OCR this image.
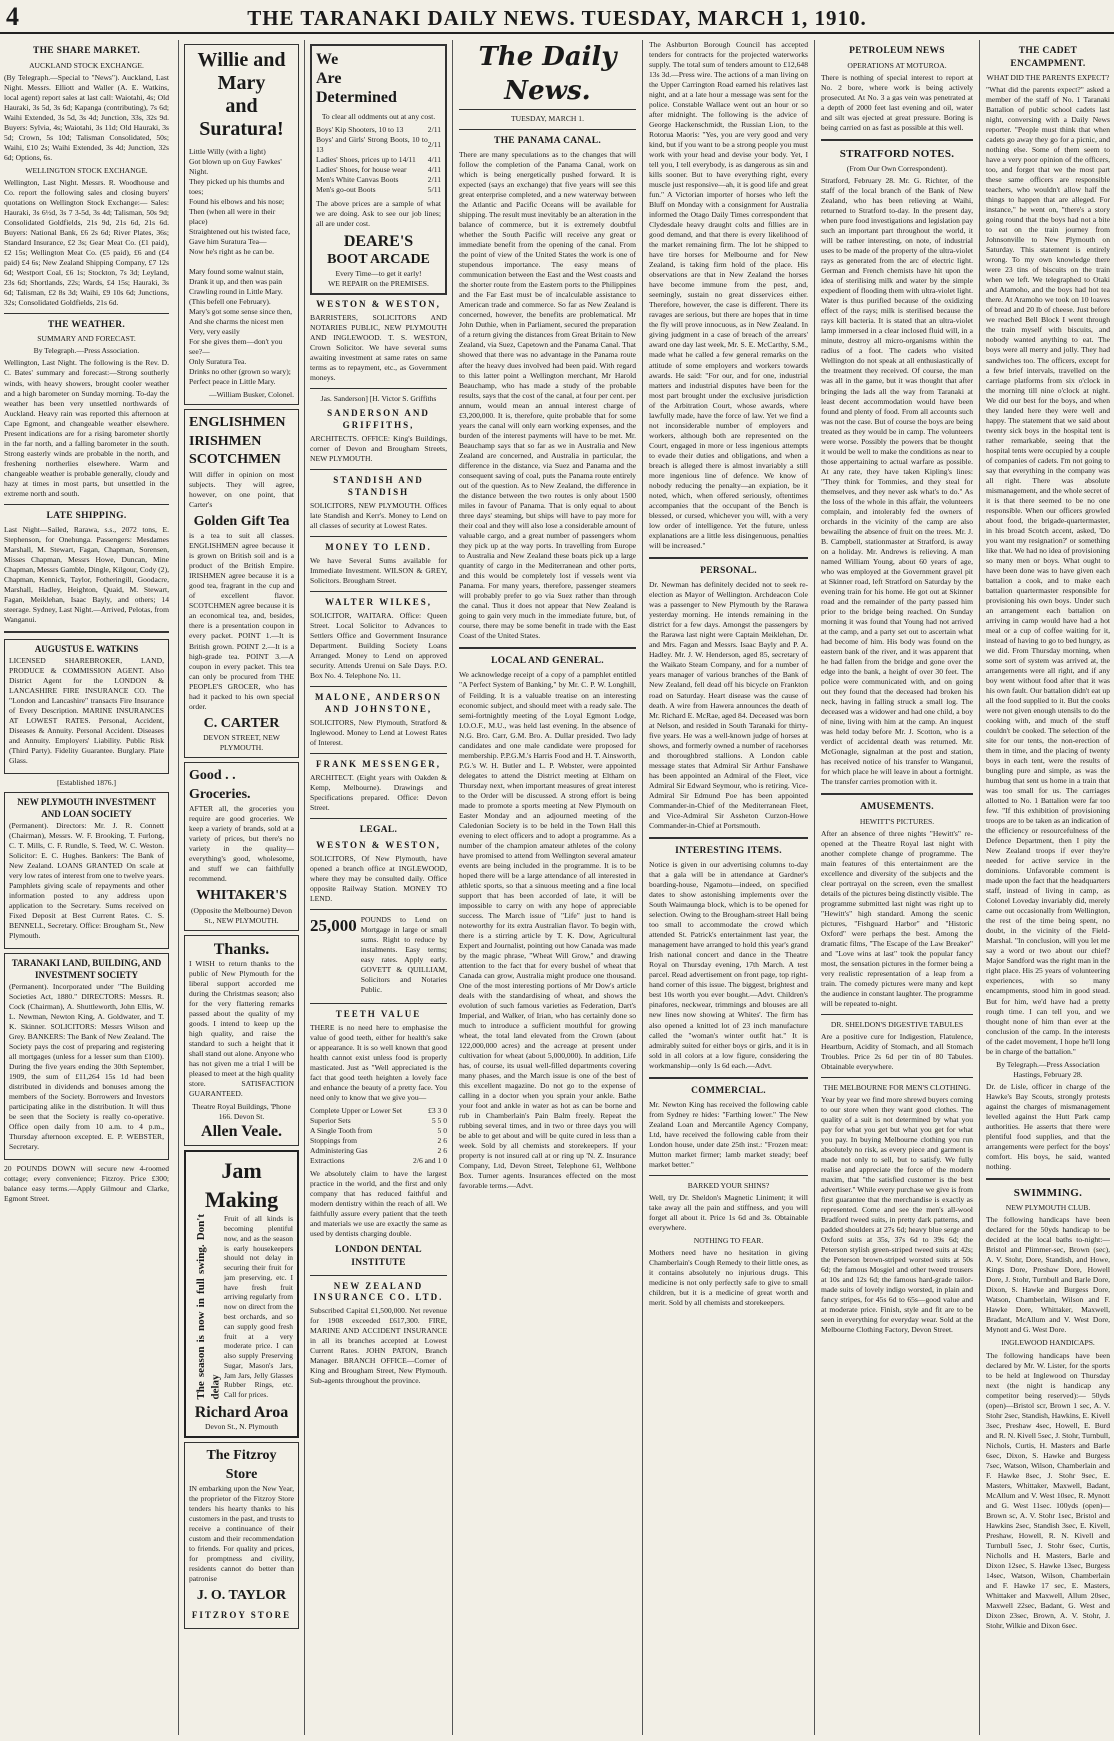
4	THE TARANAKI DAILY NEWS. TUESDAY, MARCH 1, 1910.
THE SHARE MARKET.
AUCKLAND STOCK EXCHANGE.

(By Telegraph.—Special to "News"). Auckland, Last Night. Messrs. Elliott and Waller (A. E. Watkins, local agent) report sales at last call: Waiotahi, 4s; Old Hauraki, 3s 5d, 3s 6d; Kapanga (contributing), 7s 6d; Waihi Extended, 3s 5d, 3s 4d; Junction, 33s, 32s 9d. Buyers: Sylvia, 4s; Waiotahi, 3s 11d; Old Hauraki, 3s 5d; Crown, 5s 10d; Talisman Consolidated, 50s; Waihi, £10 2s; Waihi Extended, 3s 4d; Junction, 32s 6d; Options, 6s.

WELLINGTON STOCK EXCHANGE.

Wellington, Last Night. Messrs. R. Woodhouse and Co. report the following sales and closing buyers' quotations on Wellington Stock Exchange:— Sales: Hauraki, 3s 6½d, 3s 7 3-5d, 3s 4d; Talisman, 50s 9d; Consolidated Goldfields, 21s 9d, 21s 6d, 21s 6d. Buyers: National Bank, £6 2s 6d; River Plates, 36s; Standard Insurance, £2 3s; Gear Meat Co. (£1 paid), £2 15s; Wellington Meat Co. (£5 paid), £6 and (£4 paid) £4 6s; New Zealand Shipping Company, £7 12s 6d; Westport Coal, £6 1s; Stockton, 7s 3d; Leyland, 23s 6d; Shortlands, 22s; Wards, £4 15s; Hauraki, 3s 6d; Talisman, £2 8s 3d; Waihi, £9 10s 6d; Junctions, 32s; Consolidated Goldfields, 21s 6d.

THE WEATHER.
SUMMARY AND FORECAST.
By Telegraph.—Press Association.

Wellington, Last Night. The following is the Rev. D. C. Bates' summary and forecast:—Strong southerly winds, with heavy showers, brought cooler weather and a high barometer on Sunday morning. To-day the weather has been very unsettled northwards of Auckland. Heavy rain was reported this afternoon at Cape Egmont, and changeable weather elsewhere. Present indications are for a rising barometer shortly in the far north, and a falling barometer in the south. Strong easterly winds are probable in the north, and freshening northerlies elsewhere. Warm and changeable weather is probable generally, cloudy and hazy at times in most parts, but unsettled in the extreme north and south.

LATE SHIPPING.

Last Night—Sailed, Rarawa, s.s., 2072 tons, E. Stephenson, for Onehunga. Passengers: Mesdames Marshall, M. Stewart, Fagan, Chapman, Sorensen, Misses Chapman, Messrs Howe, Duncan, Mine Chapman, Messrs Gamble, Dingle, Kilgour, Cody (2), Chapman, Kennick, Taylor, Fotheringill, Goodacre, Marshall, Hadley, Heighton, Quaid, M. Stewart, Fagan, Meiklehan, Isaac Bayly, and others; 14 steerage. Sydney, Last Night.—Arrived, Pelotas, from Wanganui.

AUGUSTUS E. WATKINS

LICENSED SHAREBROKER, LAND, PRODUCE & COMMISSION AGENT. Also District Agent for the LONDON & LANCASHIRE FIRE INSURANCE CO. The "London and Lancashire" transacts Fire Insurance of Every Description. MARINE INSURANCES AT LOWEST RATES. Personal, Accident, Diseases & Annuity. Personal Accident. Diseases and Annuity. Employers' Liability. Public Risk (Third Party). Fidelity Guarantee. Burglary. Plate Glass.

[Established 1876.]
NEW PLYMOUTH INVESTMENT AND LOAN SOCIETY

(Permanent). Directors: Mr. J. R. Connett (Chairman), Messrs. W. F. Brooking, T. Furlong, C. T. Mills, C. F. Rundle, S. Teed, W. C. Weston. Solicitor: E. C. Hughes. Bankers: The Bank of New Zealand. LOANS GRANTED On scale at very low rates of interest from one to twelve years. Pamphlets giving scale of repayments and other information posted to any address upon application to the Secretary. Sums received on Fixed Deposit at Best Current Rates. C. S. BENNELL, Secretary. Office: Brougham St., New Plymouth.

TARANAKI LAND, BUILDING, AND INVESTMENT SOCIETY

(Permanent). Incorporated under "The Building Societies Act, 1880." DIRECTORS: Messrs. R. Cock (Chairman), A. Shuttleworth, John Ellis, W. L. Newman, Newton King, A. Goldwater, and T. K. Skinner. SOLICITORS: Messrs Wilson and Grey. BANKERS: The Bank of New Zealand. The Society pays the cost of preparing and registering all mortgages (unless for a lesser sum than £100). During the five years ending the 30th September, 1909, the sum of £11,264 15s 1d had been distributed in dividends and bonuses among the members of the Society. Borrowers and Investors participating alike in the distribution. It will thus be seen that the Society is really co-operative. Office open daily from 10 a.m. to 4 p.m., Thursday afternoon excepted. E. P. WEBSTER, Secretary.

20 POUNDS DOWN will secure new 4-roomed cottage; every convenience; Fitzroy. Price £300; balance easy terms.—Apply Gilmour and Clarke, Egmont Street.

Willie and Mary
and Suratura!

Little Willy (with a light)

Got blown up on Guy Fawkes' Night.

They picked up his thumbs and toes;

Found his elbows and his nose;

Then (when all were in their place)

Straightened out his twisted face,

Gave him Suratura Tea—

Now he's right as he can be.

Mary found some walnut stain,

Drank it up, and then was pain

Crawling round in Little Mary.

(This befell one February).

Mary's got some sense since then,

And she charms the nicest men

Very, very easily

For she gives them—don't you see?—

Only Suratura Tea.

Drinks no other (grown so wary);

Perfect peace in Little Mary.

—William Busker, Colonel.
ENGLISHMEN
IRISHMEN
SCOTCHMEN

Will differ in opinion on most subjects. They will agree, however, on one point, that Carter's

Golden Gift Tea

is a tea to suit all classes. ENGLISHMEN agree because it is grown on British soil and is a product of the British Empire. IRISHMEN agree because it is a good tea, fragrant in the cup and of excellent flavor. SCOTCHMEN agree because it is an economical tea, and, besides, there is a presentation coupon in every packet. POINT 1.—It is British grown. POINT 2.—It is a high-grade tea. POINT 3.—A coupon in every packet. This tea can only be procured from THE PEOPLE'S GROCER, who has had it packed to his own special order.

C. CARTER
DEVON STREET, NEW PLYMOUTH.
Good . . Groceries.

AFTER all, the groceries you require are good groceries. We keep a variety of brands, sold at a variety of prices, but there's no variety in the quality—everything's good, wholesome, and stuff we can faithfully recommend.

WHITAKER'S
(Opposite the Melbourne) Devon St., NEW PLYMOUTH.
Thanks.

I WISH to return thanks to the public of New Plymouth for the liberal support accorded me during the Christmas season; also for the very flattering remarks passed about the quality of my goods. I intend to keep up the high quality, and raise the standard to such a height that it shall stand out alone. Anyone who has not given me a trial I will be pleased to meet at the high quality store. SATISFACTION GUARANTEED.

Theatre Royal Buildings, 'Phone 166. Devon St.
Allen Veale.
Jam Making
The season is now in full swing. Don't delay

Fruit of all kinds is becoming plentiful now, and as the season is early housekeepers should not delay in securing their fruit for jam preserving, etc. I have fresh fruit arriving regularly from now on direct from the best orchards, and so can supply good fresh fruit at a very moderate price. I can also supply Preserving Sugar, Mason's Jars, Jam Jars, Jelly Glasses Rubber Rings, etc. Call for prices.

Richard Aroa
Devon St., N. Plymouth
The Fitzroy Store

IN embarking upon the New Year, the proprietor of the Fitzroy Store tenders his hearty thanks to his customers in the past, and trusts to receive a continuance of their custom and their recommendation to friends. For quality and prices, for promptness and civility, residents cannot do better than patronise

J. O. TAYLOR
FITZROY STORE
We
Are
Determined

To clear all oddments out at any cost.

Boys' Kip Shooters, 10 to 13	2/11
Boys' and Girls' Strong Boots, 10 to 13	2/11
Ladies' Shoes, prices up to 14/11	4/11
Ladies' Shoes, for house wear	4/11
Men's White Canvas Boots	2/11
Men's go-out Boots	5/11

The above prices are a sample of what we are doing. Ask to see our job lines; all are under cost.

DEARE'S
BOOT ARCADE
Every Time—to get it early!
WE REPAIR on the PREMISES.
WESTON & WESTON,

BARRISTERS, SOLICITORS AND NOTARIES PUBLIC, NEW PLYMOUTH AND INGLEWOOD. T. S. WESTON, Crown Solicitor. We have several sums awaiting investment at same rates on same terms as to repayment, etc., as Government moneys.

Jas. Sanderson] [H. Victor S. Griffiths

SANDERSON AND GRIFFITHS,

ARCHITECTS. OFFICE: King's Buildings, corner of Devon and Brougham Streets, NEW PLYMOUTH.

STANDISH AND STANDISH

SOLICITORS, NEW PLYMOUTH. Offices late Standish and Kerr's. Money to Lend on all classes of security at Lowest Rates.

MONEY TO LEND.

We have Several Sums available for Immediate Investment. WILSON & GREY, Solicitors. Brougham Street.

WALTER WILKES,

SOLICITOR, WAITARA. Office: Queen Street. Local Solicitor to Advances to Settlers Office and Government Insurance Department. Building Society Loans Arranged. Money to Lend on approved security. Attends Urenui on Sale Days. P.O. Box No. 4. Telephone No. 11.

MALONE, ANDERSON AND JOHNSTONE,

SOLICITORS, New Plymouth, Stratford & Inglewood. Money to Lend at Lowest Rates of Interest.

FRANK MESSENGER,

ARCHITECT. (Eight years with Oakden & Kemp, Melbourne). Drawings and Specifications prepared. Office: Devon Street.

LEGAL.
WESTON & WESTON,

SOLICITORS, Of New Plymouth, have opened a branch office at INGLEWOOD, where they may be consulted daily. Office opposite Railway Station. MONEY TO LEND.

25,000 POUNDS to Lend on Mortgage in large or small sums. Right to reduce by instalments. Easy terms; easy rates. Apply early. GOVETT & QUILLIAM, Solicitors and Notaries Public.

TEETH VALUE

THERE is no need here to emphasise the value of good teeth, either for health's sake or appearance. It is so well known that good health cannot exist unless food is properly masticated. Just as "Well appreciated is the fact that good teeth heighten a lovely face and enhance the beauty of a pretty face. You need only to know that we give you—

Complete Upper or Lower Set	£3 3 0
Superior Sets	5 5 0
A Single Tooth from	5 0
Stoppings from	2 6
Administering Gas	2 6
Extractions	2/6 and 1 0

We absolutely claim to have the largest practice in the world, and the first and only company that has reduced faithful and modern dentistry within the reach of all. We faithfully assure every patient that the teeth and materials we use are exactly the same as used by dentists charging double.

LONDON DENTAL INSTITUTE
NEW ZEALAND INSURANCE CO. LTD.

Subscribed Capital £1,500,000. Net revenue for 1908 exceeded £617,300. FIRE, MARINE AND ACCIDENT INSURANCE in all its branches accepted at Lowest Current Rates. JOHN PATON, Branch Manager. BRANCH OFFICE—Corner of King and Brougham Street, New Plymouth. Sub-agents throughout the province.

The Daily News.
TUESDAY, MARCH 1.
THE PANAMA CANAL.

There are many speculations as to the changes that will follow the completion of the Panama Canal, work on which is being energetically pushed forward. It is expected (says an exchange) that five years will see this great enterprise completed, and a new waterway between the Atlantic and Pacific Oceans will be available for shipping. The result must inevitably be an alteration in the balance of commerce, but it is extremely doubtful whether the South Pacific will receive any great or immediate benefit from the opening of the canal. From the point of view of the United States the work is one of stupendous importance. The easy means of communication between the East and the West coasts and the shorter route from the Eastern ports to the Philippines and the Far East must be of incalculable assistance to American trade and commerce. So far as New Zealand is concerned, however, the benefits are problematical. Mr John Duthie, when in Parliament, secured the preparation of a return giving the distances from Great Britain to New Zealand, via Suez, Capetown and the Panama Canal. That showed that there was no advantage in the Panama route after the heavy dues involved had been paid. With regard to this latter point a Wellington merchant, Mr Harold Beauchamp, who has made a study of the probable results, says that the cost of the canal, at four per cent. per annum, would mean an annual interest charge of £3,200,000. It is, therefore, quite probable that for some years the canal will only earn working expenses, and the burden of the interest payments will have to be met. Mr. Beauchamp says that so far as we in Australia and New Zealand are concerned, and Australia in particular, the difference in the distance, via Suez and Panama and the consequent saving of coal, puts the Panama route entirely out of the question. As to New Zealand, the difference in the distance between the two routes is only about 1500 miles in favour of Panama. That is only equal to about three days' steaming, but ships will have to pay more for their coal and they will also lose a considerable amount of valuable cargo, and a great number of passengers whom they pick up at the way ports. In travelling from Europe to Australia and New Zealand these boats pick up a large quantity of cargo in the Mediterranean and other ports, and this would be completely lost if vessels went via Panama. For many years, therefore, passenger steamers will probably prefer to go via Suez rather than through the canal. Thus it does not appear that New Zealand is going to gain very much in the immediate future, but, of course, there may be some benefit in trade with the East Coast of the United States.

LOCAL AND GENERAL.

We acknowledge receipt of a copy of a pamphlet entitled "A Perfect System of Banking," by Mr. C. P. W. Longhill, of Feilding. It is a valuable treatise on an interesting economic subject, and should meet with a ready sale. The semi-fortnightly meeting of the Loyal Egmont Lodge, I.O.O.F., M.U., was held last evening. In the absence of N.G. Bro. Carr, G.M. Bro. A. Dullar presided. Two lady candidates and one male candidate were proposed for membership. P.P.G.M.'s Harris Food and H. T. Ainsworth, P.G.'s W. H. Butler and L. P. Webster, were appointed delegates to attend the District meeting at Eltham on Thursday next, when important measures of great interest to the Order will be discussed. A strong effort is being made to promote a sports meeting at New Plymouth on Easter Monday and an adjourned meeting of the Caledonian Society is to be held in the Town Hall this evening to elect officers and to adopt a programme. As a number of the champion amateur athletes of the colony have promised to attend from Wellington several amateur events are being included in the programme. It is to be hoped there will be a large attendance of all interested in athletic sports, so that a sinuous meeting and a fine local support that has been accorded of late, it will be impossible to carry on with any hope of appreciable success. The March issue of "Life" just to hand is noteworthy for its extra Australian flavor. To begin with, there is a stirring article by T. K. Dow, Agricultural Expert and Journalist, pointing out how Canada was made by the magic phrase, "Wheat Will Grow," and drawing attention to the fact that for every bushel of wheat that Canada can grow, Australia might produce one thousand. One of the most interesting portions of Mr Dow's article deals with the standardising of wheat, and shows the evolution of such famous varieties as Federation, Dart's Imperial, and Walker, of Irian, who has certainly done so much to introduce a sufficient mouthful for growing wheat, the total land elevated from the Crown (about 122,000,000 acres) and the acreage at present under cultivation for wheat (about 5,000,000). In addition, Life has, of course, its usual well-filled departments covering many phases, and the March issue is one of the best of this excellent magazine. Do not go to the expense of calling in a doctor when you sprain your ankle. Bathe your foot and ankle in water as hot as can be borne and rub in Chamberlain's Pain Balm freely. Repeat the rubbing several times, and in two or three days you will be able to get about and will be quite cured in less than a week. Sold by all chemists and storekeepers. If your property is not insured call at or ring up 'N. Z. Insurance Company, Ltd, Devon Street, Telephone 61, Welhbone Box. Turner agents. Insurances effected on the most favorable terms.—Advt.

The Ashburton Borough Council has accepted tenders for contracts for the projected waterworks supply. The total sum of tenders amount to £12,648 13s 3d.—Press wire. The actions of a man living on the Upper Carrington Road earned his relatives last night, and at a late hour a message was sent for the police. Constable Wallace went out an hour or so after midnight. The following is the advice of George Hackenschmidt, the Russian Lion, to the Rotorua Maoris: "Yes, you are very good and very kind, but if you want to be a strong people you must work with your head and devise your body. Yet, I tell you, I tell everybody, is as dangerous as sin and kills sooner. But to have everything right, every muscle just responsive—ah, it is good life and great fun." A Victorian importer of horses who left the Bluff on Monday with a consignment for Australia informed the Otago Daily Times correspondent that Clydesdale heavy draught colts and fillies are in good demand, and that there is every likelihood of the market remaining firm. The lot he shipped to have tire horses for Melbourne and for New Zealand, is taking firm hold of the place. His observations are that in New Zealand the horses have become immune from the pest, and, seemingly, sustain no great disservices either. Therefore, however, the case is different. There its ravages are serious, but there are hopes that in time the fly will prove innocuous, as in New Zealand. In giving judgment in a case of breach of the arrears' award one day last week, Mr. S. E. McCarthy, S.M., made what he called a few general remarks on the attitude of some employers and workers towards awards. He said: "For our, and for one, industrial matters and industrial disputes have been for the most part brought under the exclusive jurisdiction of the Arbitration Court, whose awards, where lawfully made, have the force of law. Yet we find a not inconsiderable number of employers and workers, although both are represented on the Court, engaged in more or less ingenious attempts to evade their duties and obligations, and when a breach is alleged there is almost invariably a still more ingenious line of defence. We know of nobody reducing the penalty—an expiation, be it noted, which, when offered seriously, oftentimes accompanies that the occupant of the Bench is blessed, or cursed, whichever you will, with a very low order of intelligence. Yet the future, unless explanations are a little less disingenuous, penalties will be increased."

PERSONAL.

Dr. Newman has definitely decided not to seek re-election as Mayor of Wellington. Archdeacon Cole was a passenger to New Plymouth by the Rarawa yesterday morning. He intends remaining in the district for a few days. Amongst the passengers by the Rarawa last night were Captain Meiklehan, Dr. and Mrs. Fagan and Messrs. Isaac Bayly and P. A. Hadley. Mr. J. W. Henderson, aged 85, secretary of the Waikato Steam Company, and for a number of years manager of various branches of the Bank of New Zealand, fell dead off his bicycle on Frankton road on Saturday. Heart disease was the cause of death. A wire from Hawera announces the death of Mr. Richard E. McRae, aged 84. Deceased was born at Nelson, and resided in South Taranaki for thirty-five years. He was a well-known judge of horses at shows, and formerly owned a number of racehorses and thoroughbred stallions. A London cable message states that Admiral Sir Arthur Fanshawe has been appointed an Admiral of the Fleet, vice Admiral Sir Edward Seymour, who is retiring. Vice-Admiral Sir Edmund Poe has been appointed Commander-in-Chief of the Mediterranean Fleet, and Vice-Admiral Sir Assheton Curzon-Howe Commander-in-Chief at Portsmouth.

INTERESTING ITEMS.

Notice is given in our advertising columns to-day that a gala will be in attendance at Gardner's boarding-house, Ngamotu—indeed, on specified dates to show astonishing implements over the South Waimaunga block, which is to be opened for selection. Owing to the Brougham-street Hall being too small to accommodate the crowd which attended St. Patrick's entertainment last year, the management have arranged to hold this year's grand Irish national concert and dance in the Theatre Royal on Thursday evening, 17th March. A test parcel. Read advertisement on front page, top right-hand corner of this issue. The biggest, brightest and best 10s worth you ever bought.—Advt. Children's pinafores, neckwear, trimmings and blouses are all new lines now showing at Whites'. The firm has also opened a knitted lot of 23 inch manufacture called the "woman's winter outfit hat." It is admirably suited for either boys or girls, and it is in sold in all colors at a low figure, considering the workmanship—only 1s 6d each.—Advt.

COMMERCIAL.

Mr. Newton King has received the following cable from Sydney re hides: "Farthing lower." The New Zealand Loan and Mercantile Agency Company, Ltd, have received the following cable from their London house, under date 25th inst.: "Frozen meat: Mutton market firmer; lamb market steady; beef market better."

BARKED YOUR SHINS?

Well, try Dr. Sheldon's Magnetic Liniment; it will take away all the pain and stiffness, and you will forget all about it. Price 1s 6d and 3s. Obtainable everywhere.

NOTHING TO FEAR.

Mothers need have no hesitation in giving Chamberlain's Cough Remedy to their little ones, as it contains absolutely no injurious drugs. This medicine is not only perfectly safe to give to small children, but it is a medicine of great worth and merit. Sold by all chemists and storekeepers.

PETROLEUM NEWS
OPERATIONS AT MOTUROA.

There is nothing of special interest to report at No. 2 bore, where work is being actively prosecuted. At No. 3 a gas vein was penetrated at a depth of 2000 feet last evening and oil, water and silt was ejected at great pressure. Boring is being carried on as fast as possible at this well.

STRATFORD NOTES.
(From Our Own Correspondent).

Stratford, February 28. Mr. G. Richter, of the staff of the local branch of the Bank of New Zealand, who has been relieving at Waihi, returned to Stratford to-day. In the present day, when pure food investigations and legislation pay such an important part throughout the world, it will be rather interesting, on note, of industrial uses to be made of the property of the ultra-violet rays as generated from the arc of electric light. German and French chemists have hit upon the idea of sterilising milk and water by the simple expedient of flooding them with ultra-violet light. Water is thus purified because of the oxidizing effect of the rays; milk is sterilised because the rays kill bacteria. It is stated that an ultra-violet lamp immersed in a clear inclosed fluid will, in a minute, destroy all micro-organisms within the radius of a foot. The cadets who visited Wellington do not speak at all enthusiastically of the treatment they received. Of course, the man was all in the game, but it was thought that after bringing the lads all the way from Taranaki at least decent accommodation would have been found and plenty of food. From all accounts such was not the case. But of course the boys are being treated as they would be in camp. The volunteers were worse. Possibly the powers that be thought it would be well to make the conditions as near to those appertaining to actual warfare as possible. At any rate, they have taken Kipling's lines: "They think for Tommies, and they steal for themselves, and they never ask what's to do." As the loss of the whole in this affair, the volunteers complain, and intolerably fed the owners of orchards in the vicinity of the camp are also bewailing the absence of fruit on the trees. Mr. J. B. Campbell, stationmaster at Stratford, is away on a holiday. Mr. Andrews is relieving. A man named William Young, about 60 years of age, who was employed at the Government gravel pit at Skinner road, left Stratford on Saturday by the evening train for his home. He got out at Skinner road and the remainder of the party passed him prior to the bridge being reached. On Sunday morning it was found that Young had not arrived at the camp, and a party set out to ascertain what had become of him. His body was found on the eastern bank of the river, and it was apparent that he had fallen from the bridge and gone over the edge into the bank, a height of over 30 feet. The police were communicated with, and on going out they found that the deceased had broken his neck, having in falling struck a small log. The deceased was a widower and had one child, a boy of nine, living with him at the camp. An inquest was held today before Mr. J. Scotton, who is a verdict of accidental death was returned. Mr. McGonagle, signalman at the post and station, has received notice of his transfer to Wanganui, for which place he will leave in about a fortnight. The transfer carries promotion with it.

AMUSEMENTS.
HEWITT'S PICTURES.

After an absence of three nights "Hewitt's" re-opened at the Theatre Royal last night with another complete change of programme. The main features of this entertainment are the excellence and diversity of the subjects and the clear portrayal on the screen, even the smallest details of the pictures being distinctly visible. The programme submitted last night was right up to "Hewitt's" high standard. Among the scenic pictures, "Fishguard Harbor" and "Historic Oxford" were perhaps the best. Among the dramatic films, "The Escape of the Law Breaker" and "Love wins at last" took the popular fancy most, the sensation pictures in the former being a very realistic representation of a leap from a train. The comedy pictures were many and kept the audience in constant laughter. The programme will be repeated to-night.

DR. SHELDON'S DIGESTIVE TABULES

Are a positive cure for Indigestion, Flatulence, Heartburn, Acidity of Stomach, and all Stomach Troubles. Price 2s 6d per tin of 80 Tabules. Obtainable everywhere.

THE MELBOURNE FOR MEN'S CLOTHING.

Year by year we find more shrewd buyers coming to our store when they want good clothes. The quality of a suit is not determined by what you pay for what you get but what you get for what you pay. In buying Melbourne clothing you run absolutely no risk, as every piece and garment is made not only to sell, but to satisfy. We fully realise and appreciate the force of the modern maxim, that "the satisfied customer is the best advertiser." While every purchase we give is from first guarantee that the merchandise is exactly as represented. Come and see the men's all-wool Bradford tweed suits, in pretty dark patterns, and padded shoulders at 27s 6d; heavy blue serge and Oxford suits at 35s, 37s 6d to 39s 6d; the Peterson stylish green-striped tweed suits at 42s; the Peterson brown-striped worsted suits at 50s 6d; the famous Mosgiel and other tweed trousers at 10s and 12s 6d; the famous hard-grade tailor-made suits of lovely indigo worsted, in plain and fancy stripes, for 45s 6d to 65s—good value and at moderate price. Finish, style and fit are to be seen in everything for everyday wear. Sold at the Melbourne Clothing Factory, Devon Street.

THE CADET ENCAMPMENT.
WHAT DID THE PARENTS EXPECT?

"What did the parents expect?" asked a member of the staff of No. 1 Taranaki Battalion of public school cadets last night, conversing with a Daily News reporter. "People must think that when cadets go away they go for a picnic, and nothing else. Some of them seem to have a very poor opinion of the officers, too, and forget that we the most part these same officers are responsible teachers, who wouldn't allow half the things to happen that are alleged. For instance," he went on, "there's a story going round that the boys had not a bite to eat on the train journey from Johnsonville to New Plymouth on Saturday. This statement is entirely wrong. To my own knowledge there were 23 tins of biscuits on the train when we left. We telegraphed to Otaki and Atamoho, and the boys had hot tea there. At Aramoho we took on 10 loaves of bread and 20 lb of cheese. Just before we reached Bell Block I went through the train myself with biscuits, and nobody wanted anything to eat. The boys were all merry and jolly. They had sandwiches too. The officers, except for a few brief intervals, travelled on the carriage platforms from six o'clock in the morning till nine o'clock at night. We did our best for the boys, and when they landed here they were well and happy. The statement that we said about twenty sick boys in the hospital tent is rather remarkable, seeing that the hospital tents were occupied by a couple of companies of cadets. I'm not going to say that everything in the company was all right. There was absolute mismanagement, and the whole secret of it is that there seemed to be no one responsible. When our officers growled about food, the brigade-quartermaster, in his broad Scotch accent, asked, 'Do you want my resignation?' or something like that. We had no idea of provisioning so many men or boys. What ought to have been done was to have given each battalion a cook, and to make each battalion quartermaster responsible for provisioning his own boys. Under such an arrangement each battalion on arriving in camp would have had a hot meal or a cup of coffee waiting for it, instead of having to go to bed hungry, as we did. From Thursday morning, when some sort of system was arrived at, the arrangements were all right, and if any boy went without food after that it was his own fault. Our battalion didn't eat up all the food supplied to it. But the cooks were not given enough utensils to do the cooking with, and much of the stuff couldn't be cooked. The selection of the site for our tents, the non-erection of them in time, and the placing of twenty boys in each tent, were the results of bungling pure and simple, as was the humbug that sent us home in a train that was too small for us. The carriages allotted to No. 1 Battalion were far too few. "If this exhibition of provisioning troops are to be taken as an indication of the efficiency or resourcefulness of the Defence Department, then I pity the New Zealand troops if ever they're needed for active service in the dominions. Unfavorable comment is made upon the fact that the headquarters staff, instead of living in camp, as Colonel Loveday invariably did, merely came out occasionally from Wellington, the rest of the time being spent, no doubt, in the vicinity of the Field-Marshal. "In conclusion, will you let me say a word or two about our chief? Major Sandford was the right man in the right place. His 25 years of volunteering experiences, with so many encampments, stood him in good stead. But for him, we'd have had a pretty rough time. I can tell you, and we thought none of him than ever at the conclusion of the camp. In the interests of the cadet movement, I hope he'll long be in charge of the battalion."

By Telegraph.—Press Association Hastings, February 28.

Dr. de Lisle, officer in charge of the Hawke's Bay Scouts, strongly protests against the charges of mismanagement levelled against the Hutt Park camp authorities. He asserts that there were plentiful food supplies, and that the arrangements were perfect for the boys' comfort. His boys, he said, wanted nothing.

SWIMMING.
NEW PLYMOUTH CLUB.

The following handicaps have been declared for the 50yds handicap to be decided at the local baths to-night:— Bristol and Plimmer-sec, Brown (sec), A. V. Stohr, Dore, Standish, and Howe, Kings Dore, Preshaw Dore, Howell Dore, J. Stohr, Turnbull and Barle Dore, Dixon, S. Hawke and Burgess Dore, Watson, Chamberlain, Wilson and F. Hawke Dore, Whittaker, Maxwell, Bradant, McAllum and V. West Dore, Mynott and G. West Dore.

INGLEWOOD HANDICAPS.

The following handicaps have been declared by Mr. W. Lister, for the sports to be held at Inglewood on Thursday next (the night is handicap any competitor being reserved):— 50yds (open)—Bristol scr, Brown 1 sec, A. V. Stohr 2sec, Standish, Hawkins, E. Kivell 3sec, Preshaw 4sec, Howell, E. Burd and R. N. Kivell 5sec, J. Stohr, Turnbull, Nichols, Curtis, H. Masters and Barle 6sec, Dixon, S. Hawke and Burgess 7sec, Watson, Wilson, Chamberlain and F. Hawke 8sec, J. Stohr 9sec, E. Masters, Whittaker, Maxwell, Badant, McAllum and V. West 10sec, R. Mynott and G. West 11sec. 100yds (open)—Brown sc, A. V. Stohr 1sec, Bristol and Hawkins 2sec, Standish 3sec, E. Kivell, Preshaw, Howell, R. N. Kivell and Turnbull 5sec, J. Stohr 6sec, Curtis, Nicholls and H. Masters, Barle and Dixon 12sec, S. Hawke 13sec, Burgess 14sec, Watson, Wilson, Chamberlain and F. Hawke 17 sec, E. Masters, Whittaker and Maxwell, Allum 20sec, Maxwell 22sec, Badant, G. West and Dixon 23sec, Brown, A. V. Stohr, J. Stohr, Wilkie and Dixon 6sec.
